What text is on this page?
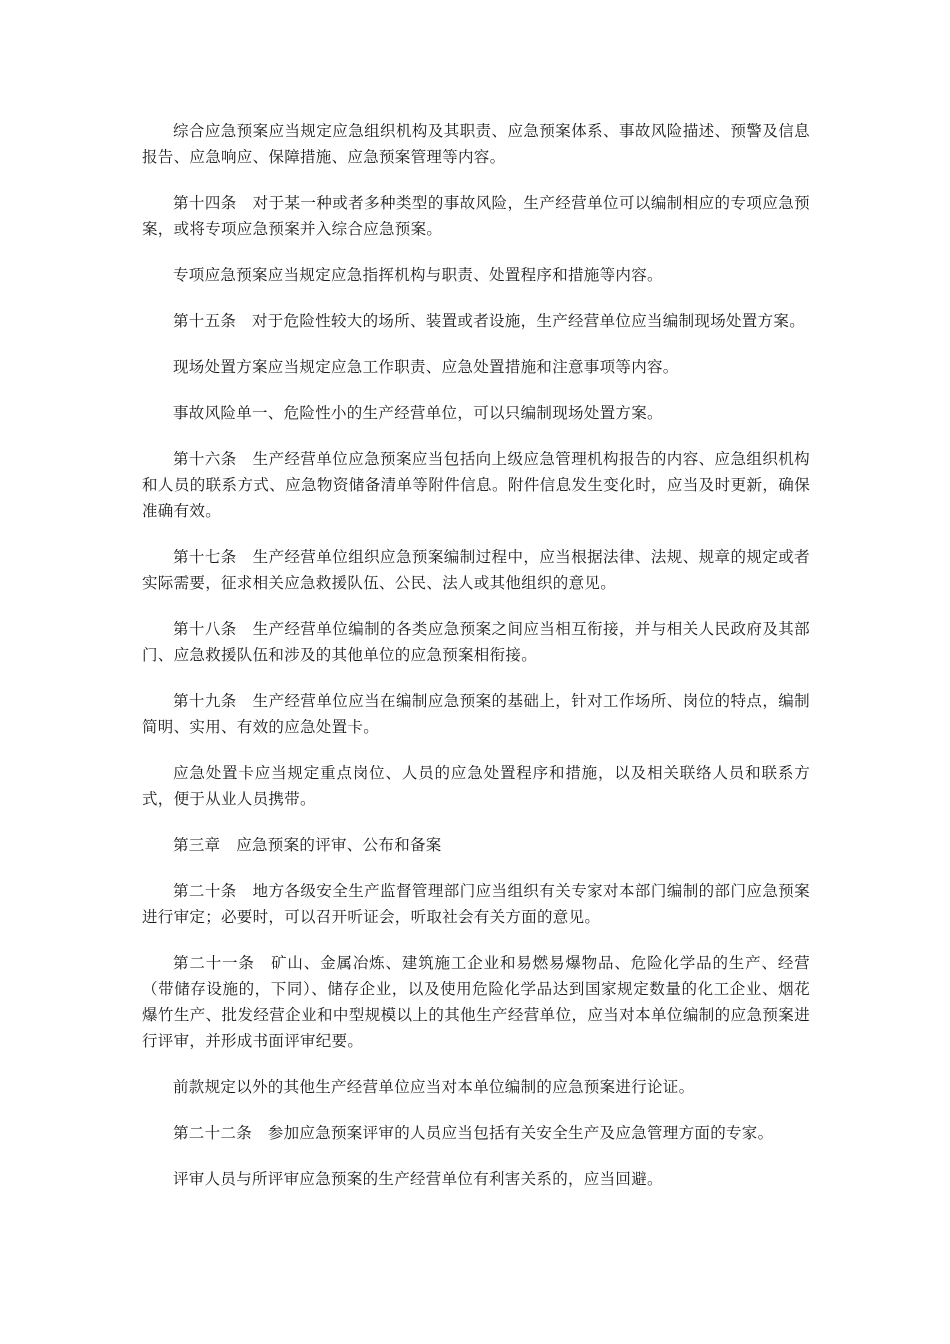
综合应急预案应当规定应急组织机构及其职责、应急预案体系、事故风险描述、预警及信息报告、应急响应、保障措施、应急预案管理等内容。

第十四条　对于某一种或者多种类型的事故风险，生产经营单位可以编制相应的专项应急预案，或将专项应急预案并入综合应急预案。

专项应急预案应当规定应急指挥机构与职责、处置程序和措施等内容。

第十五条　对于危险性较大的场所、装置或者设施，生产经营单位应当编制现场处置方案。

现场处置方案应当规定应急工作职责、应急处置措施和注意事项等内容。

事故风险单一、危险性小的生产经营单位，可以只编制现场处置方案。

第十六条　生产经营单位应急预案应当包括向上级应急管理机构报告的内容、应急组织机构和人员的联系方式、应急物资储备清单等附件信息。附件信息发生变化时，应当及时更新，确保准确有效。

第十七条　生产经营单位组织应急预案编制过程中，应当根据法律、法规、规章的规定或者实际需要，征求相关应急救援队伍、公民、法人或其他组织的意见。

第十八条　生产经营单位编制的各类应急预案之间应当相互衔接，并与相关人民政府及其部门、应急救援队伍和涉及的其他单位的应急预案相衔接。

第十九条　生产经营单位应当在编制应急预案的基础上，针对工作场所、岗位的特点，编制简明、实用、有效的应急处置卡。

应急处置卡应当规定重点岗位、人员的应急处置程序和措施，以及相关联络人员和联系方式，便于从业人员携带。

第三章　应急预案的评审、公布和备案

第二十条　地方各级安全生产监督管理部门应当组织有关专家对本部门编制的部门应急预案进行审定；必要时，可以召开听证会，听取社会有关方面的意见。

第二十一条　矿山、金属冶炼、建筑施工企业和易燃易爆物品、危险化学品的生产、经营（带储存设施的，下同）、储存企业，以及使用危险化学品达到国家规定数量的化工企业、烟花爆竹生产、批发经营企业和中型规模以上的其他生产经营单位，应当对本单位编制的应急预案进行评审，并形成书面评审纪要。

前款规定以外的其他生产经营单位应当对本单位编制的应急预案进行论证。

第二十二条　参加应急预案评审的人员应当包括有关安全生产及应急管理方面的专家。

评审人员与所评审应急预案的生产经营单位有利害关系的，应当回避。
